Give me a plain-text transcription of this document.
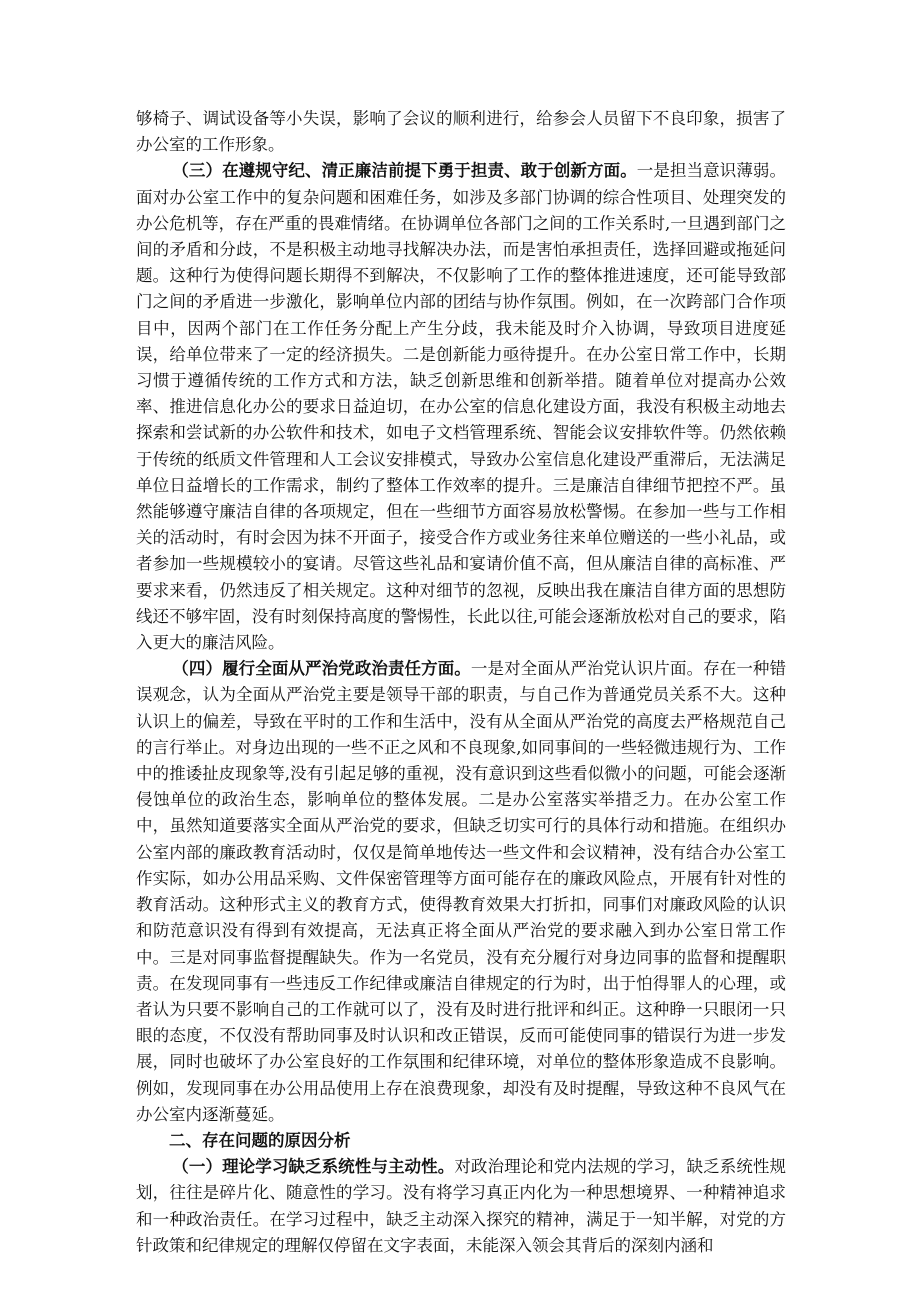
够椅子、调试设备等小失误，影响了会议的顺利进行，给参会人员留下不良印象，损害了办公室的工作形象。

（三）在遵规守纪、清正廉洁前提下勇于担责、敢于创新方面。一是担当意识薄弱。面对办公室工作中的复杂问题和困难任务，如涉及多部门协调的综合性项目、处理突发的办公危机等，存在严重的畏难情绪。在协调单位各部门之间的工作关系时,一旦遇到部门之间的矛盾和分歧，不是积极主动地寻找解决办法，而是害怕承担责任，选择回避或拖延问题。这种行为使得问题长期得不到解决，不仅影响了工作的整体推进速度，还可能导致部门之间的矛盾进一步激化，影响单位内部的团结与协作氛围。例如，在一次跨部门合作项目中，因两个部门在工作任务分配上产生分歧，我未能及时介入协调，导致项目进度延误，给单位带来了一定的经济损失。二是创新能力亟待提升。在办公室日常工作中，长期习惯于遵循传统的工作方式和方法，缺乏创新思维和创新举措。随着单位对提高办公效率、推进信息化办公的要求日益迫切，在办公室的信息化建设方面，我没有积极主动地去探索和尝试新的办公软件和技术，如电子文档管理系统、智能会议安排软件等。仍然依赖于传统的纸质文件管理和人工会议安排模式，导致办公室信息化建设严重滞后，无法满足单位日益增长的工作需求，制约了整体工作效率的提升。三是廉洁自律细节把控不严。虽然能够遵守廉洁自律的各项规定，但在一些细节方面容易放松警惕。在参加一些与工作相关的活动时，有时会因为抹不开面子，接受合作方或业务往来单位赠送的一些小礼品，或者参加一些规模较小的宴请。尽管这些礼品和宴请价值不高，但从廉洁自律的高标准、严要求来看，仍然违反了相关规定。这种对细节的忽视，反映出我在廉洁自律方面的思想防线还不够牢固，没有时刻保持高度的警惕性，长此以往,可能会逐渐放松对自己的要求，陷入更大的廉洁风险。

（四）履行全面从严治党政治责任方面。一是对全面从严治党认识片面。存在一种错误观念，认为全面从严治党主要是领导干部的职责，与自己作为普通党员关系不大。这种认识上的偏差，导致在平时的工作和生活中，没有从全面从严治党的高度去严格规范自己的言行举止。对身边出现的一些不正之风和不良现象,如同事间的一些轻微违规行为、工作中的推诿扯皮现象等,没有引起足够的重视，没有意识到这些看似微小的问题，可能会逐渐侵蚀单位的政治生态，影响单位的整体发展。二是办公室落实举措乏力。在办公室工作中，虽然知道要落实全面从严治党的要求，但缺乏切实可行的具体行动和措施。在组织办公室内部的廉政教育活动时，仅仅是简单地传达一些文件和会议精神，没有结合办公室工作实际，如办公用品采购、文件保密管理等方面可能存在的廉政风险点，开展有针对性的教育活动。这种形式主义的教育方式，使得教育效果大打折扣，同事们对廉政风险的认识和防范意识没有得到有效提高，无法真正将全面从严治党的要求融入到办公室日常工作中。三是对同事监督提醒缺失。作为一名党员，没有充分履行对身边同事的监督和提醒职责。在发现同事有一些违反工作纪律或廉洁自律规定的行为时，出于怕得罪人的心理，或者认为只要不影响自己的工作就可以了，没有及时进行批评和纠正。这种睁一只眼闭一只眼的态度，不仅没有帮助同事及时认识和改正错误，反而可能使同事的错误行为进一步发展，同时也破坏了办公室良好的工作氛围和纪律环境，对单位的整体形象造成不良影响。例如，发现同事在办公用品使用上存在浪费现象，却没有及时提醒，导致这种不良风气在办公室内逐渐蔓延。

二、存在问题的原因分析

（一）理论学习缺乏系统性与主动性。对政治理论和党内法规的学习，缺乏系统性规划，往往是碎片化、随意性的学习。没有将学习真正内化为一种思想境界、一种精神追求和一种政治责任。在学习过程中，缺乏主动深入探究的精神，满足于一知半解，对党的方针政策和纪律规定的理解仅停留在文字表面，未能深入领会其背后的深刻内涵和
